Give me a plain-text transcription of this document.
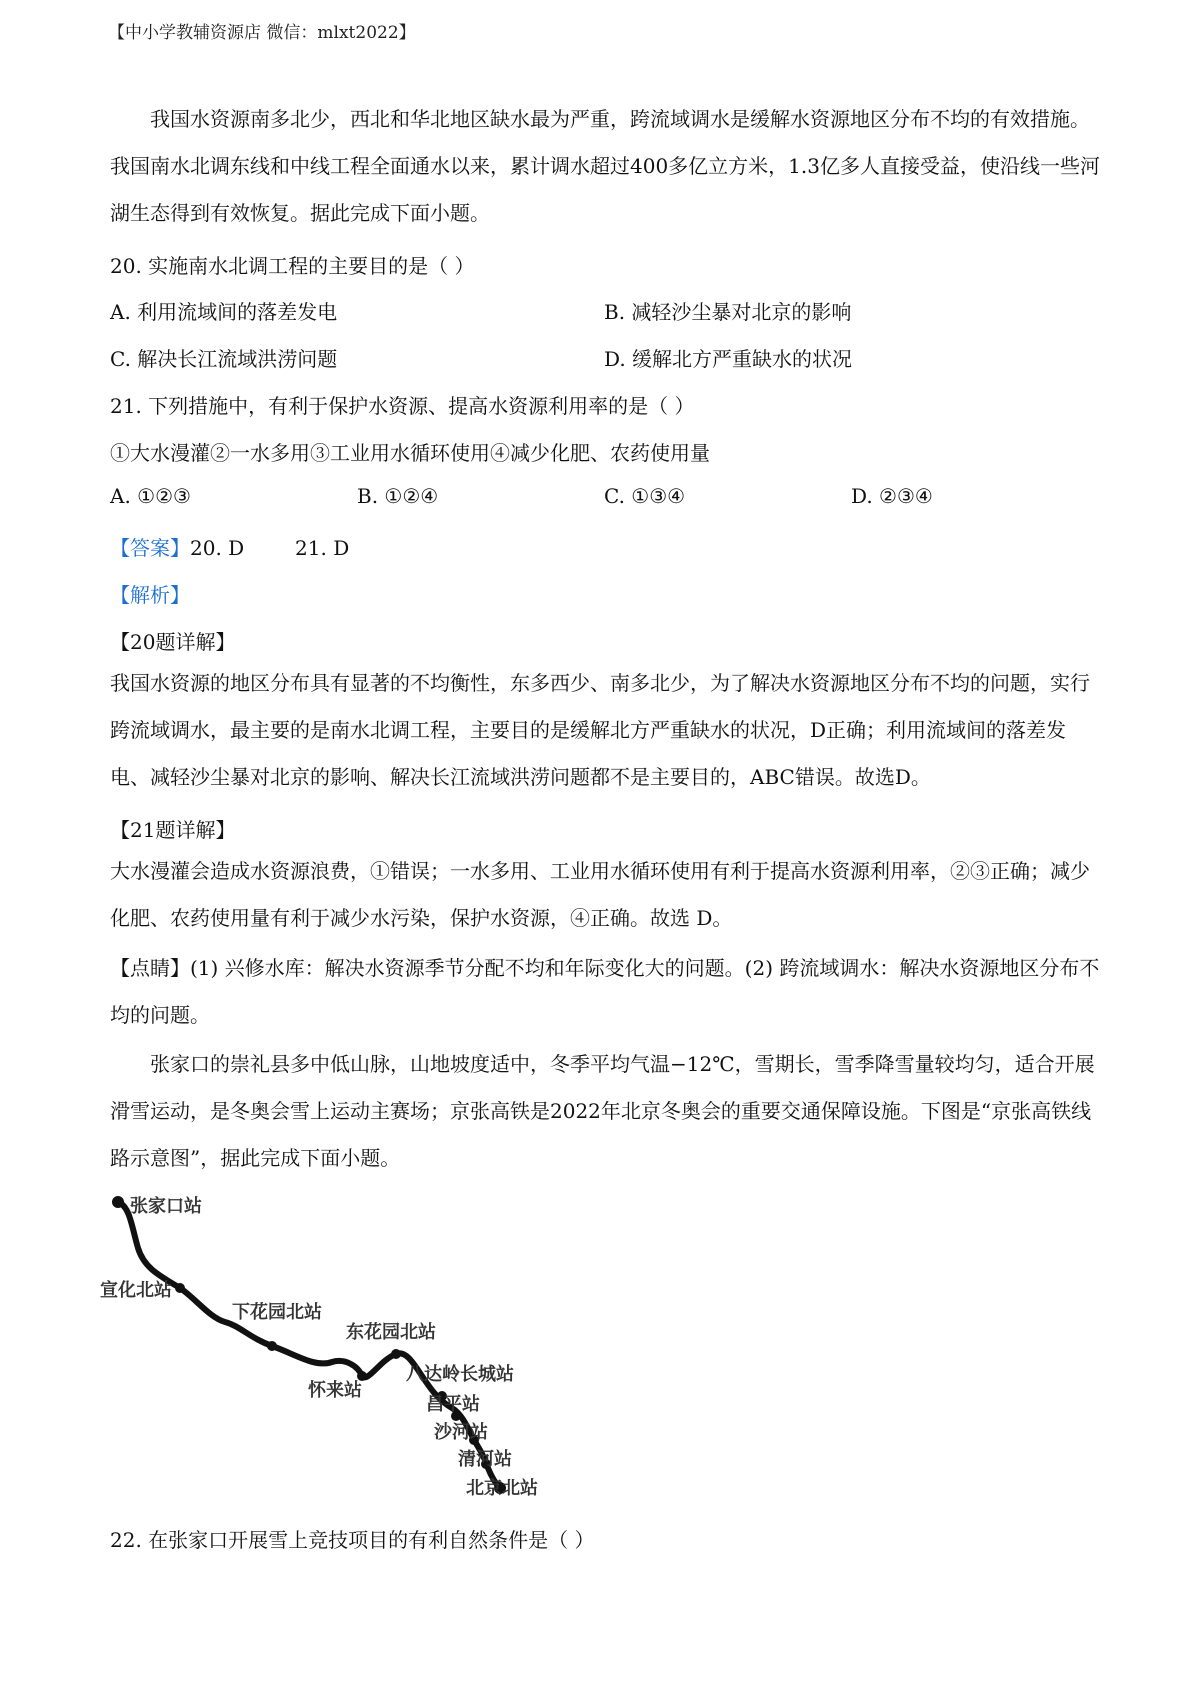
【中小学教辅资源店 微信：mlxt2022】
我国水资源南多北少，西北和华北地区缺水最为严重，跨流域调水是缓解水资源地区分布不均的有效措施。我国南水北调东线和中线工程全面通水以来，累计调水超过400多亿立方米，1.3亿多人直接受益，使沿线一些河湖生态得到有效恢复。据此完成下面小题。
20. 实施南水北调工程的主要目的是（ ）
A. 利用流域间的落差发电	B. 减轻沙尘暴对北京的影响
C. 解决长江流域洪涝问题	D. 缓解北方严重缺水的状况
21. 下列措施中，有利于保护水资源、提高水资源利用率的是（ ）
①大水漫灌②一水多用③工业用水循环使用④减少化肥、农药使用量
A. ①②③	B. ①②④	C. ①③④	D. ②③④
【答案】20. D        21. D
【解析】
【20题详解】
我国水资源的地区分布具有显著的不均衡性，东多西少、南多北少，为了解决水资源地区分布不均的问题，实行跨流域调水，最主要的是南水北调工程，主要目的是缓解北方严重缺水的状况，D正确；利用流域间的落差发电、减轻沙尘暴对北京的影响、解决长江流域洪涝问题都不是主要目的，ABC错误。故选D。
【21题详解】
大水漫灌会造成水资源浪费，①错误；一水多用、工业用水循环使用有利于提高水资源利用率，②③正确；减少化肥、农药使用量有利于减少水污染，保护水资源，④正确。故选 D。
【点睛】(1) 兴修水库：解决水资源季节分配不均和年际变化大的问题。(2) 跨流域调水：解决水资源地区分布不均的问题。
张家口的崇礼县多中低山脉，山地坡度适中，冬季平均气温−12℃，雪期长，雪季降雪量较均匀，适合开展滑雪运动，是冬奥会雪上运动主赛场；京张高铁是2022年北京冬奥会的重要交通保障设施。下图是“京张高铁线路示意图”，据此完成下面小题。
张家口站
宣化北站
下花园北站
东花园北站
怀来站
八达岭长城站
昌平站
沙河站
清河站
北京北站
22. 在张家口开展雪上竞技项目的有利自然条件是（ ）
